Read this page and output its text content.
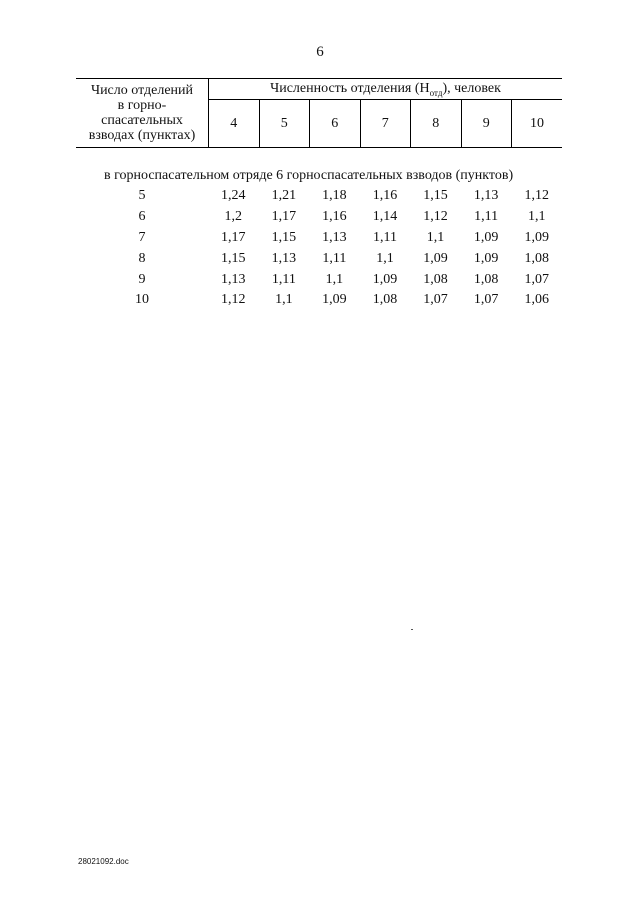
6
Число отделений
в горно-
спасательных
взводах (пунктах)	Численность отделения $(Н_{отд})$, человек						
	4	5	6	7	8	9	10
в горноспасательном отряде 6 горноспасательных взводов (пунктов)
5	1,24	1,21	1,18	1,16	1,15	1,13	1,12
6	1,2	1,17	1,16	1,14	1,12	1,11	1,1
7	1,17	1,15	1,13	1,11	1,1	1,09	1,09
8	1,15	1,13	1,11	1,1	1,09	1,09	1,08
9	1,13	1,11	1,1	1,09	1,08	1,08	1,07
10	1,12	1,1	1,09	1,08	1,07	1,07	1,06
28021092.doc
